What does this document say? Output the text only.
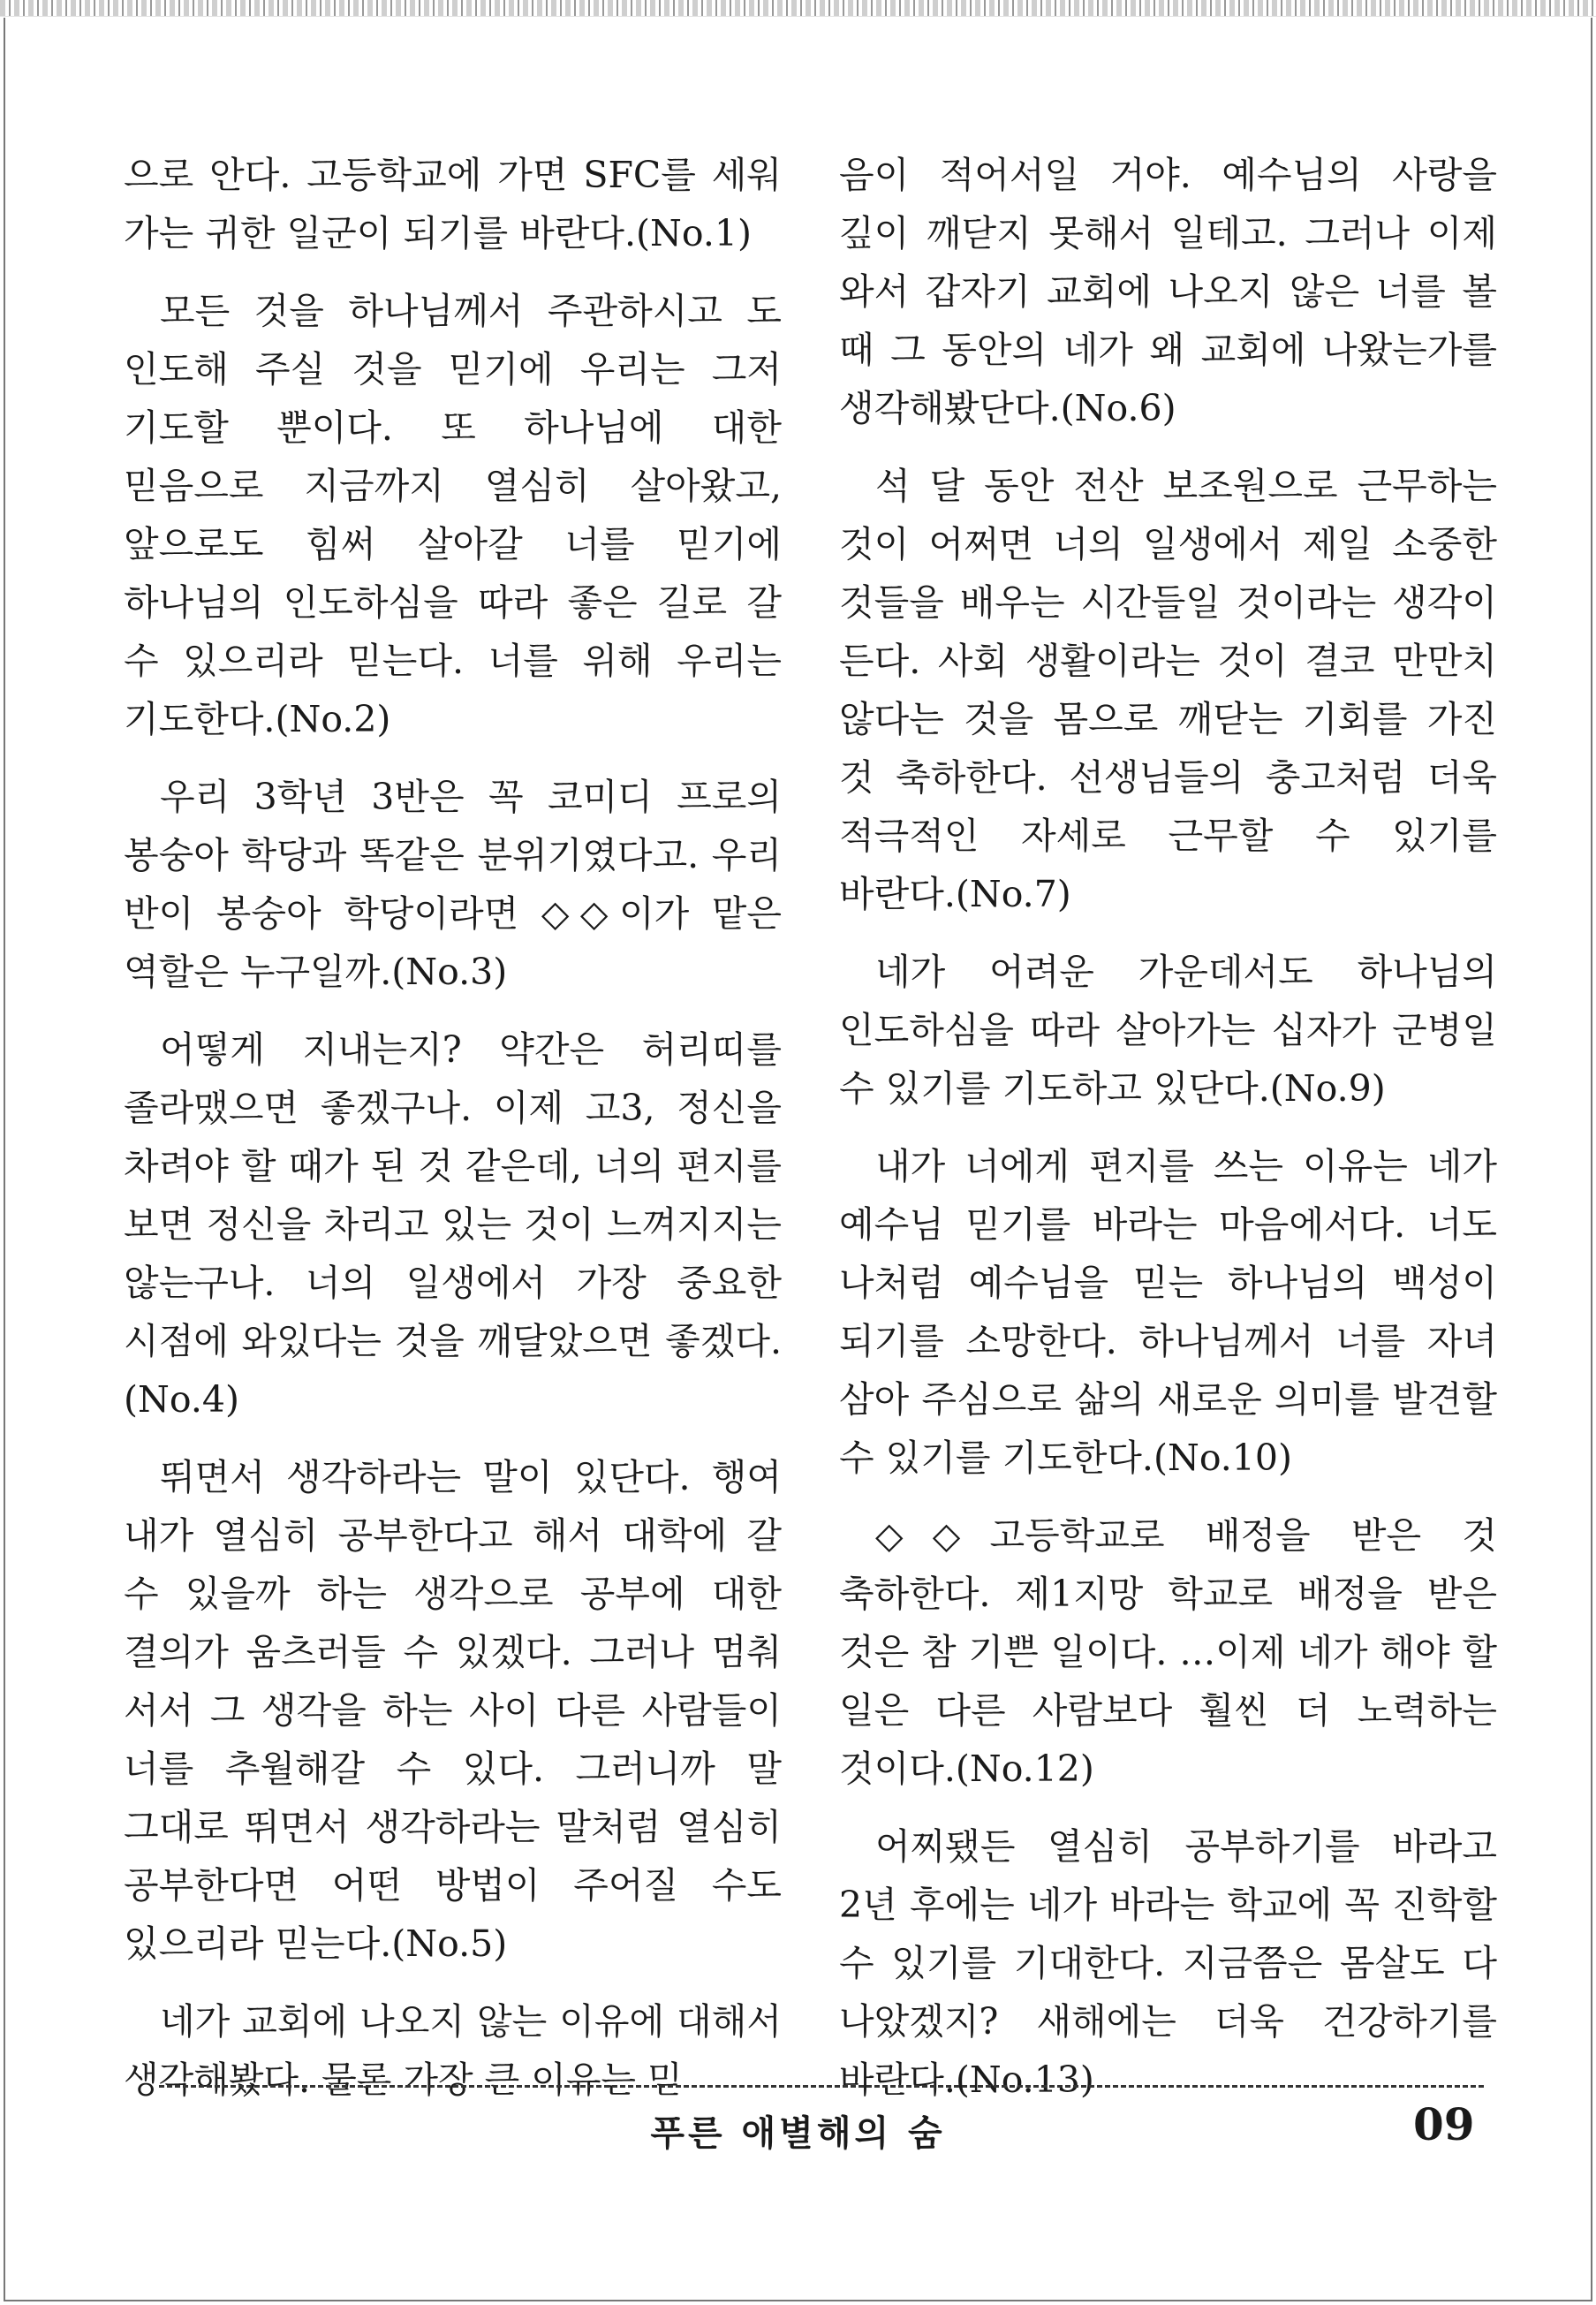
으로 안다. 고등학교에 가면 SFC를 세워 가는 귀한 일군이 되기를 바란다.(No.1)

모든 것을 하나님께서 주관하시고 도 인도해 주실 것을 믿기에 우리는 그저 기도할 뿐이다. 또 하나님에 대한 믿음으로 지금까지 열심히 살아왔고, 앞으로도 힘써 살아갈 너를 믿기에 하나님의 인도하심을 따라 좋은 길로 갈 수 있으리라 믿는다. 너를 위해 우리는 기도한다.(No.2)

우리 3학년 3반은 꼭 코미디 프로의 봉숭아 학당과 똑같은 분위기였다고. 우리 반이 봉숭아 학당이라면 ◇◇이가 맡은 역할은 누구일까.(No.3)

어떻게 지내는지? 약간은 허리띠를 졸라맸으면 좋겠구나. 이제 고3, 정신을 차려야 할 때가 된 것 같은데, 너의 편지를 보면 정신을 차리고 있는 것이 느껴지지는 않는구나. 너의 일생에서 가장 중요한 시점에 와있다는 것을 깨달았으면 좋겠다.(No.4)

뛰면서 생각하라는 말이 있단다. 행여 내가 열심히 공부한다고 해서 대학에 갈 수 있을까 하는 생각으로 공부에 대한 결의가 움츠러들 수 있겠다. 그러나 멈춰 서서 그 생각을 하는 사이 다른 사람들이 너를 추월해갈 수 있다. 그러니까 말 그대로 뛰면서 생각하라는 말처럼 열심히 공부한다면 어떤 방법이 주어질 수도 있으리라 믿는다.(No.5)

네가 교회에 나오지 않는 이유에 대해서 생각해봤다. 물론 가장 큰 이유는 믿

음이 적어서일 거야. 예수님의 사랑을 깊이 깨닫지 못해서 일테고. 그러나 이제 와서 갑자기 교회에 나오지 않은 너를 볼 때 그 동안의 네가 왜 교회에 나왔는가를 생각해봤단다.(No.6)

석 달 동안 전산 보조원으로 근무하는 것이 어쩌면 너의 일생에서 제일 소중한 것들을 배우는 시간들일 것이라는 생각이 든다. 사회 생활이라는 것이 결코 만만치 않다는 것을 몸으로 깨닫는 기회를 가진 것 축하한다. 선생님들의 충고처럼 더욱 적극적인 자세로 근무할 수 있기를 바란다.(No.7)

네가 어려운 가운데서도 하나님의 인도하심을 따라 살아가는 십자가 군병일 수 있기를 기도하고 있단다.(No.9)

내가 너에게 편지를 쓰는 이유는 네가 예수님 믿기를 바라는 마음에서다. 너도 나처럼 예수님을 믿는 하나님의 백성이 되기를 소망한다. 하나님께서 너를 자녀 삼아 주심으로 삶의 새로운 의미를 발견할 수 있기를 기도한다.(No.10)

◇◇고등학교로 배정을 받은 것 축하한다. 제1지망 학교로 배정을 받은 것은 참 기쁜 일이다. …이제 네가 해야 할 일은 다른 사람보다 훨씬 더 노력하는 것이다.(No.12)

어찌됐든 열심히 공부하기를 바라고 2년 후에는 네가 바라는 학교에 꼭 진학할 수 있기를 기대한다. 지금쯤은 몸살도 다 나았겠지? 새해에는 더욱 건강하기를 바란다.(No.13)

푸른 애별해의 숨	09
